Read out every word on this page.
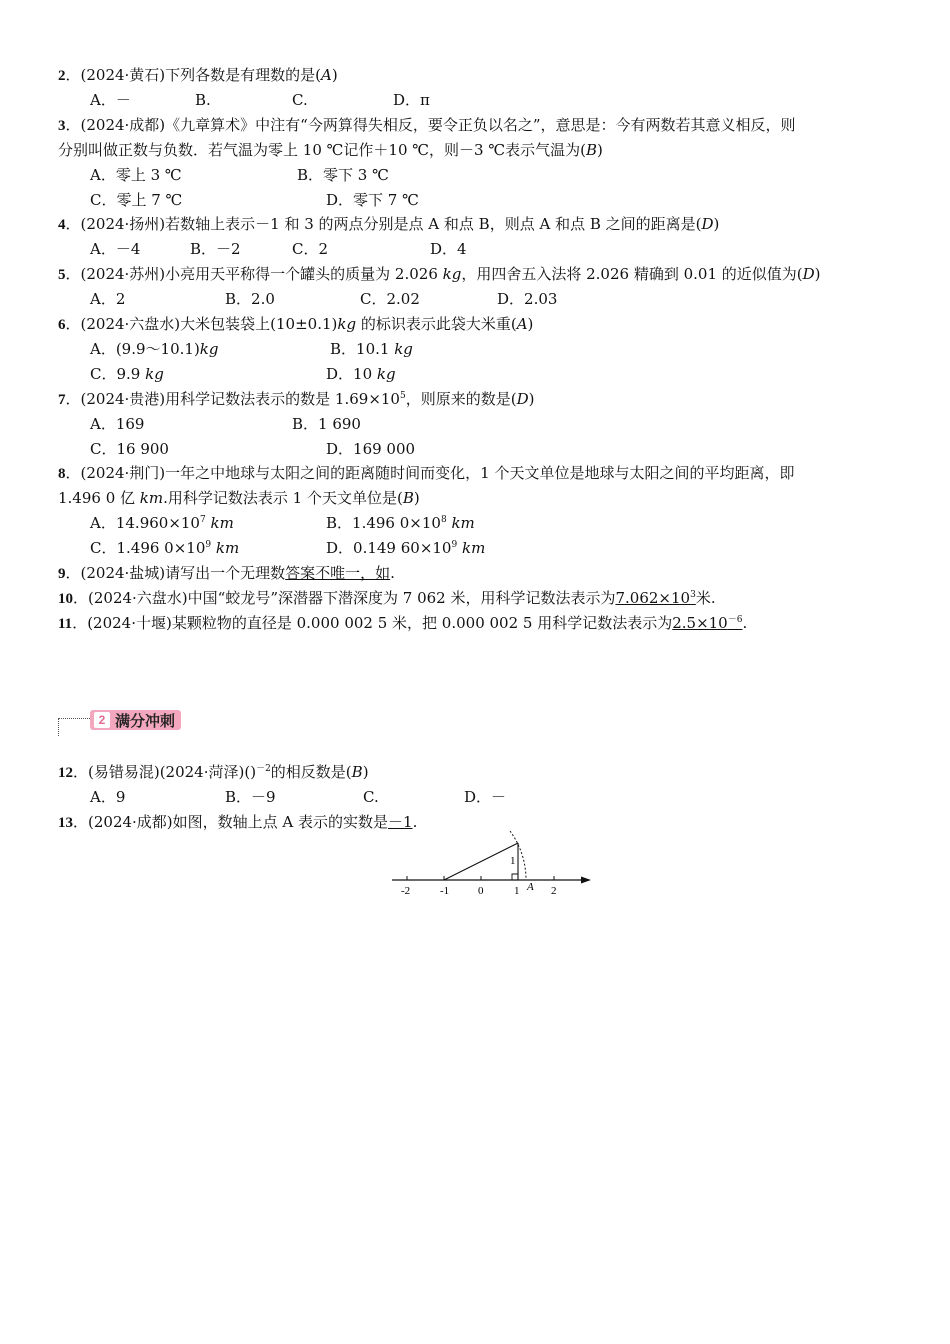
2．(2024·黄石)下列各数是有理数的是(A)
A．－	B.	C.	D．π
3．(2024·成都)《九章算术》中注有“今两算得失相反，要令正负以名之”，意思是：今有两数若其意义相反，则
分别叫做正数与负数．若气温为零上 10 ℃记作＋10 ℃，则－3 ℃表示气温为(B)
A．零上 3 ℃	B．零下 3 ℃
C．零上 7 ℃	D．零下 7 ℃
4．(2024·扬州)若数轴上表示－1 和 3 的两点分别是点 A 和点 B，则点 A 和点 B 之间的距离是(D)
A．－4	B．－2	C．2	D．4
5．(2024·苏州)小亮用天平称得一个罐头的质量为 2.026 kg，用四舍五入法将 2.026 精确到 0.01 的近似值为(D)
A．2	B．2.0	C．2.02	D．2.03
6．(2024·六盘水)大米包装袋上(10±0.1)kg 的标识表示此袋大米重(A)
A．(9.9～10.1)kg	B．10.1 kg
C．9.9 kg	D．10 kg
7．(2024·贵港)用科学记数法表示的数是 $1.69\times 10^5$，则原来的数是(D)
A．169	B．1 690
C．16 900	D．169 000
8．(2024·荆门)一年之中地球与太阳之间的距离随时间而变化，1 个天文单位是地球与太阳之间的平均距离，即
1.496 0 亿 km.用科学记数法表示 1 个天文单位是(B)
A．$14.960\times 10^7$ km	B．1.496 $0\times 10^8$ km
C．1.496 $0\times 10^9$ km	D．0.149 $60\times 10^9$ km
9．(2024·盐城)请写出一个无理数答案不唯一，如.
10．(2024·六盘水)中国“蛟龙号”深潜器下潜深度为 7 062 米，用科学记数法表示为$7.062\times 10^3$米.
11．(2024·十堰)某颗粒物的直径是 0.000 002 5 米，把 0.000 002 5 用科学记数法表示为$2.5\times 10^{-6}$.
2 满分冲刺
12．(易错易混)(2024·菏泽)()$^{-2}$的相反数是(B)
A．9	B．－9	C.	D．－
13．(2024·成都)如图，数轴上点 A 表示的实数是－1.
-2	-1	0	1	2
1
A
